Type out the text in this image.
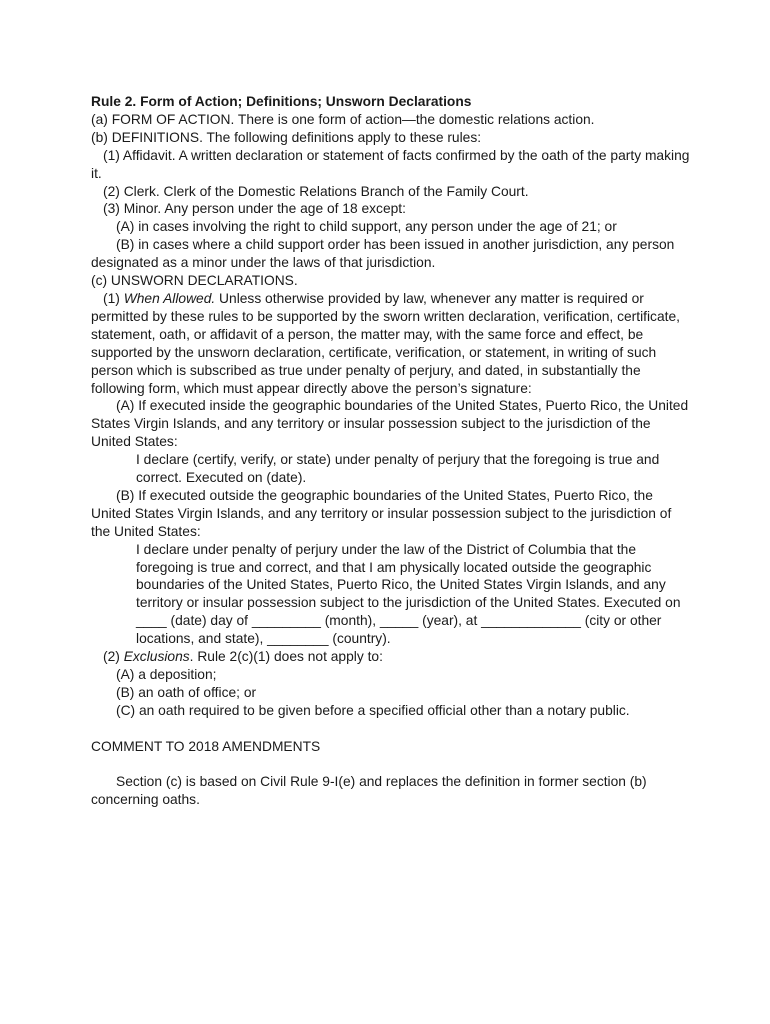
Rule 2. Form of Action; Definitions; Unsworn Declarations

(a) FORM OF ACTION. There is one form of action—the domestic relations action.

(b) DEFINITIONS. The following definitions apply to these rules:

(1) Affidavit. A written declaration or statement of facts confirmed by the oath of the party making it.

(2) Clerk. Clerk of the Domestic Relations Branch of the Family Court.

(3) Minor. Any person under the age of 18 except:

(A) in cases involving the right to child support, any person under the age of 21; or

(B) in cases where a child support order has been issued in another jurisdiction, any person designated as a minor under the laws of that jurisdiction.

(c) UNSWORN DECLARATIONS.

(1) When Allowed. Unless otherwise provided by law, whenever any matter is required or permitted by these rules to be supported by the sworn written declaration, verification, certificate, statement, oath, or affidavit of a person, the matter may, with the same force and effect, be supported by the unsworn declaration, certificate, verification, or statement, in writing of such person which is subscribed as true under penalty of perjury, and dated, in substantially the following form, which must appear directly above the person’s signature:

(A) If executed inside the geographic boundaries of the United States, Puerto Rico, the United States Virgin Islands, and any territory or insular possession subject to the jurisdiction of the United States:

I declare (certify, verify, or state) under penalty of perjury that the foregoing is true and correct. Executed on (date).

(B) If executed outside the geographic boundaries of the United States, Puerto Rico, the United States Virgin Islands, and any territory or insular possession subject to the jurisdiction of the United States:

I declare under penalty of perjury under the law of the District of Columbia that the foregoing is true and correct, and that I am physically located outside the geographic boundaries of the United States, Puerto Rico, the United States Virgin Islands, and any territory or insular possession subject to the jurisdiction of the United States. Executed on ____ (date) day of _________ (month), _____ (year), at _____________ (city or other locations, and state), ________ (country).

(2) Exclusions. Rule 2(c)(1) does not apply to:

(A) a deposition;

(B) an oath of office; or

(C) an oath required to be given before a specified official other than a notary public.

COMMENT TO 2018 AMENDMENTS

Section (c) is based on Civil Rule 9-I(e) and replaces the definition in former section (b) concerning oaths.
